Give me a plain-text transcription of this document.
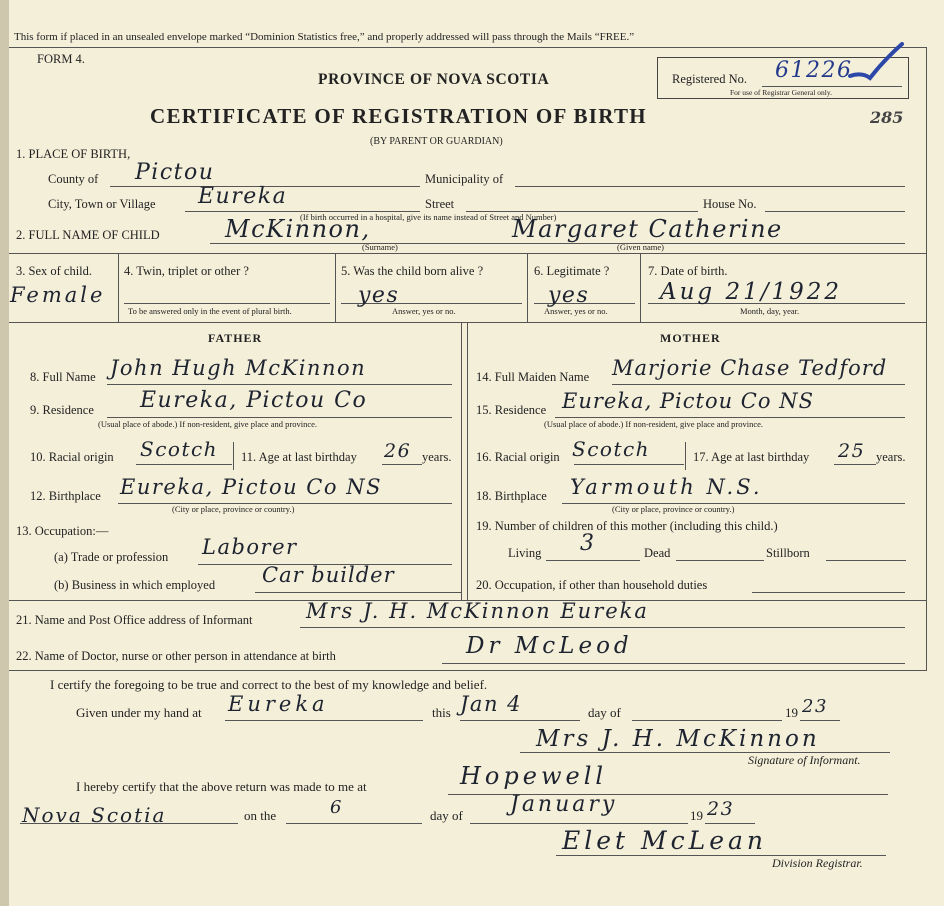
This form if placed in an unsealed envelope marked “Dominion Statistics free,” and properly addressed will pass through the Mails “FREE.”
FORM 4.
PROVINCE OF NOVA SCOTIA
CERTIFICATE OF REGISTRATION OF BIRTH
(BY PARENT OR GUARDIAN)
Registered No. 61226
For use of Registrar General only.
285
1. PLACE OF BIRTH,
County of Pictou	Municipality of
City, Town or Village Eureka	Street	House No.
(If birth occurred in a hospital, give its name instead of Street and Number)
2. FULL NAME OF CHILD	McKinnon,	Margaret Catherine
(Surname)	(Given name)
3. Sex of child.
Female
4. Twin, triplet or other ?
To be answered only in the event of plural birth.
5. Was the child born alive ?
yes
Answer, yes or no.
6. Legitimate ?
yes
Answer, yes or no.
7. Date of birth.
Aug 21/1922
Month, day, year.
FATHER	MOTHER
8. Full Name John Hugh McKinnon
9. Residence Eureka, Pictou Co
(Usual place of abode.) If non-resident, give place and province.
10. Racial origin Scotch 11. Age at last birthday 26 years.
12. Birthplace Eureka, Pictou Co NS
(City or place, province or country.)
13. Occupation:—
(a) Trade or profession Laborer
(b) Business in which employed Car builder
14. Full Maiden Name Marjorie Chase Tedford
15. Residence Eureka, Pictou Co NS
(Usual place of abode.) If non-resident, give place and province.
16. Racial origin Scotch	17. Age at last birthday 25 years.
18. Birthplace Yarmouth N.S.
(City or place, province or country.)
19. Number of children of this mother (including this child.)
Living 3	Dead	Stillborn
20. Occupation, if other than household duties
21. Name and Post Office address of Informant	Mrs J. H. McKinnon Eureka
22. Name of Doctor, nurse or other person in attendance at birth	Dr McLeod
I certify the foregoing to be true and correct to the best of my knowledge and belief.
Given under my hand at Eureka	this Jan 4	day of	19 23
Mrs J. H. McKinnon
Signature of Informant.
I hereby certify that the above return was made to me at	Hopewell
Nova Scotia	on the	6	day of January	19 23
Elet McLean
Division Registrar.
